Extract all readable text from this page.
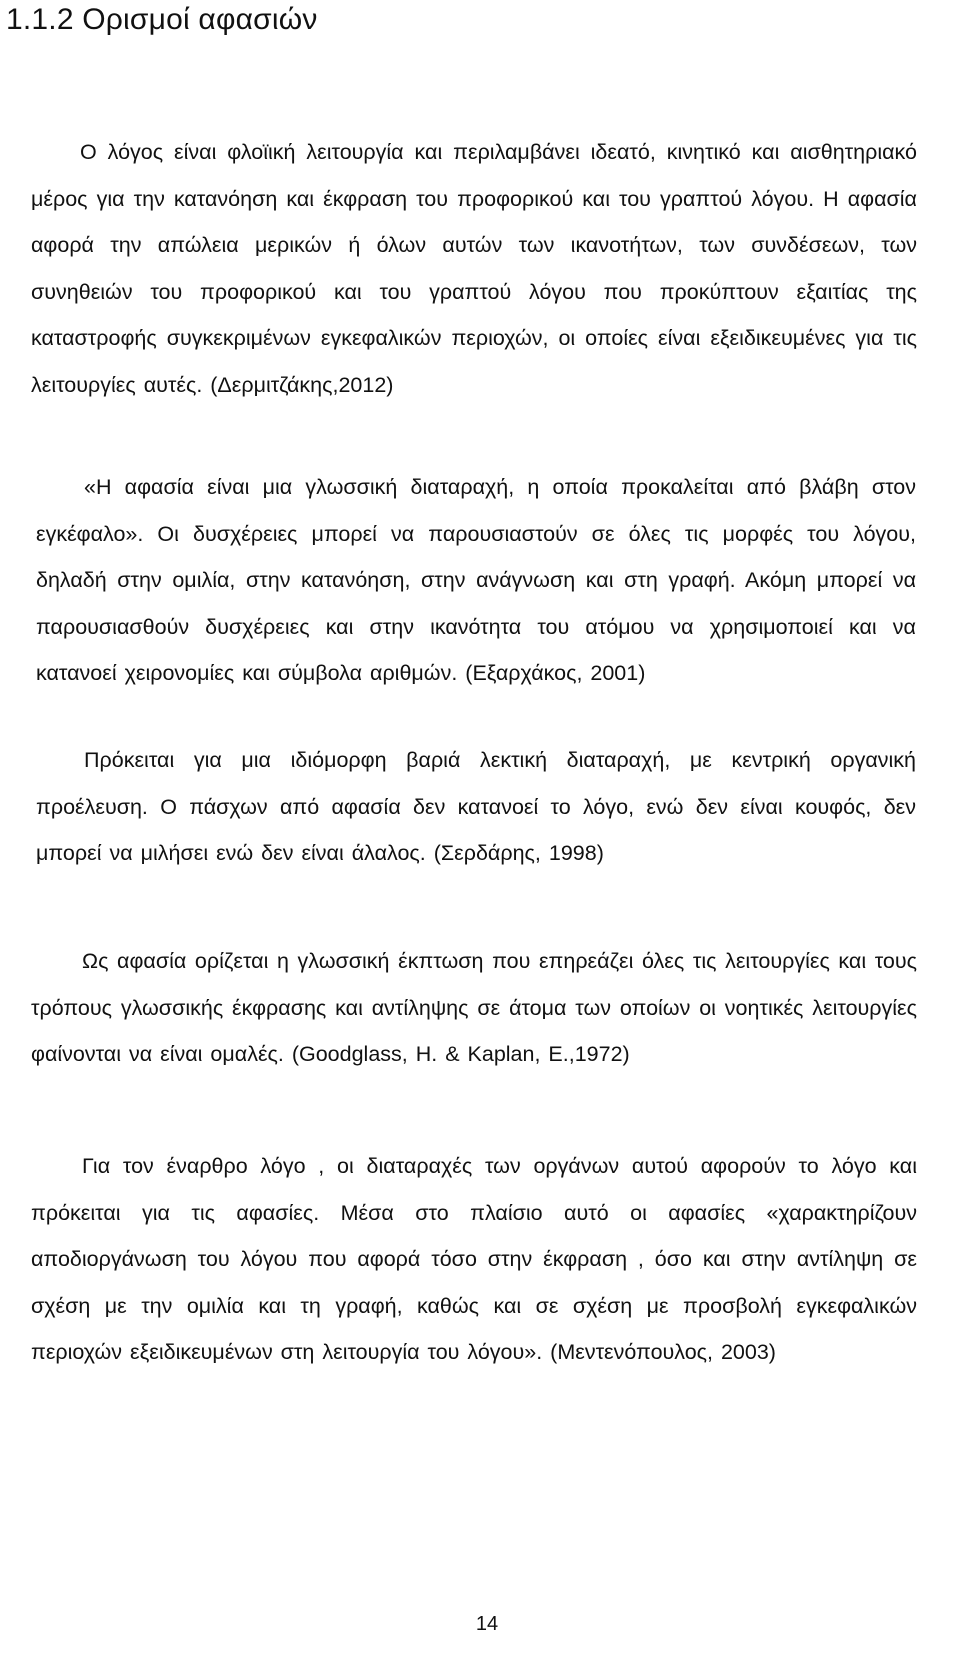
1.1.2 Ορισμοί αφασιών

Ο λόγος είναι φλοϊική λειτουργία και περιλαμβάνει ιδεατό, κινητικό και αισθητηριακό μέρος για την κατανόηση και έκφραση του προφορικού και του γραπτού λόγου. Η αφασία αφορά την απώλεια μερικών ή όλων αυτών των ικανοτήτων, των συνδέσεων, των συνηθειών του προφορικού και του γραπτού λόγου που προκύπτουν εξαιτίας της καταστροφής συγκεκριμένων εγκεφαλικών περιοχών, οι οποίες είναι εξειδικευμένες για τις λειτουργίες αυτές. (Δερμιτζάκης,2012)

«Η αφασία είναι μια γλωσσική διαταραχή, η οποία προκαλείται από βλάβη στον εγκέφαλο». Οι δυσχέρειες μπορεί να παρουσιαστούν σε όλες τις μορφές του λόγου, δηλαδή στην ομιλία, στην κατανόηση, στην ανάγνωση και στη γραφή. Ακόμη μπορεί να παρουσιασθούν δυσχέρειες και στην ικανότητα του ατόμου να χρησιμοποιεί και να κατανοεί χειρονομίες και σύμβολα αριθμών. (Εξαρχάκος, 2001)

Πρόκειται για μια ιδιόμορφη βαριά λεκτική διαταραχή, με κεντρική οργανική προέλευση. Ο πάσχων από αφασία δεν κατανοεί το λόγο, ενώ δεν είναι κουφός, δεν μπορεί να μιλήσει ενώ δεν είναι άλαλος. (Σερδάρης, 1998)

Ως αφασία ορίζεται η γλωσσική έκπτωση που επηρεάζει όλες τις λειτουργίες και τους τρόπους γλωσσικής έκφρασης και αντίληψης σε άτομα των οποίων οι νοητικές λειτουργίες φαίνονται να είναι ομαλές. (Goodglass, H. & Kaplan, E.,1972)

Για τον έναρθρο λόγο , οι διαταραχές των οργάνων αυτού αφορούν το λόγο και πρόκειται για τις αφασίες. Μέσα στο πλαίσιο αυτό οι αφασίες «χαρακτηρίζουν αποδιοργάνωση του λόγου που αφορά τόσο στην έκφραση , όσο και στην αντίληψη σε σχέση με την ομιλία και τη γραφή, καθώς και σε σχέση με προσβολή εγκεφαλικών περιοχών εξειδικευμένων στη λειτουργία του λόγου». (Μεντενόπουλος, 2003)

14
